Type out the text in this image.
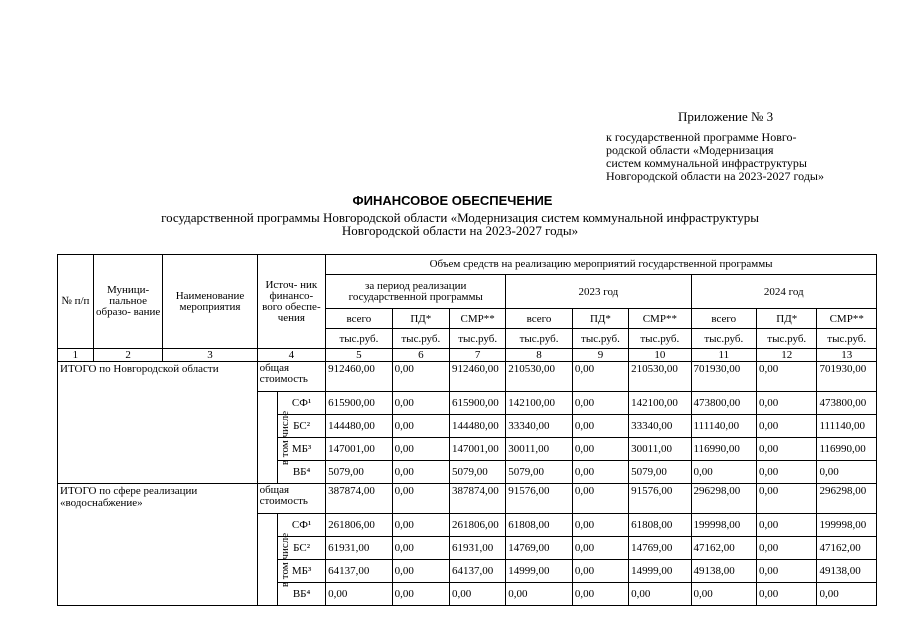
Приложение № 3
к государственной программе Новго-
родской области «Модернизация
систем коммунальной инфраструктуры
Новгородской области на 2023-2027 годы»
ФИНАНСОВОЕ ОБЕСПЕЧЕНИЕ
государственной программы Новгородской области «Модернизация систем коммунальной инфраструктуры
Новгородской области на 2023-2027 годы»
№ п/п	Муници- пальное образо- вание	Наименование мероприятия	Источ- ник финансо- вого обеспе- чения		Объем средств на реализацию мероприятий государственной программы								
					за период реализации государственной программы			2023 год			2024 год		
					всего	ПД*	СМР**	всего	ПД*	СМР**	всего	ПД*	СМР**
					тыс.руб.	тыс.руб.	тыс.руб.	тыс.руб.	тыс.руб.	тыс.руб.	тыс.руб.	тыс.руб.	тыс.руб.
1	2	3	4		5	6	7	8	9	10	11	12	13
ИТОГО по Новгородской области			общая стоимость		912460,00	0,00	912460,00	210530,00	0,00	210530,00	701930,00	0,00	701930,00
			в том числе	СФ¹	615900,00	0,00	615900,00	142100,00	0,00	142100,00	473800,00	0,00	473800,00
				БС²	144480,00	0,00	144480,00	33340,00	0,00	33340,00	111140,00	0,00	111140,00
				МБ³	147001,00	0,00	147001,00	30011,00	0,00	30011,00	116990,00	0,00	116990,00
				ВБ⁴	5079,00	0,00	5079,00	5079,00	0,00	5079,00	0,00	0,00	0,00
ИТОГО по сфере реализации «водоснабжение»			общая стоимость		387874,00	0,00	387874,00	91576,00	0,00	91576,00	296298,00	0,00	296298,00
			в том числе	СФ¹	261806,00	0,00	261806,00	61808,00	0,00	61808,00	199998,00	0,00	199998,00
				БС²	61931,00	0,00	61931,00	14769,00	0,00	14769,00	47162,00	0,00	47162,00
				МБ³	64137,00	0,00	64137,00	14999,00	0,00	14999,00	49138,00	0,00	49138,00
				ВБ⁴	0,00	0,00	0,00	0,00	0,00	0,00	0,00	0,00	0,00
